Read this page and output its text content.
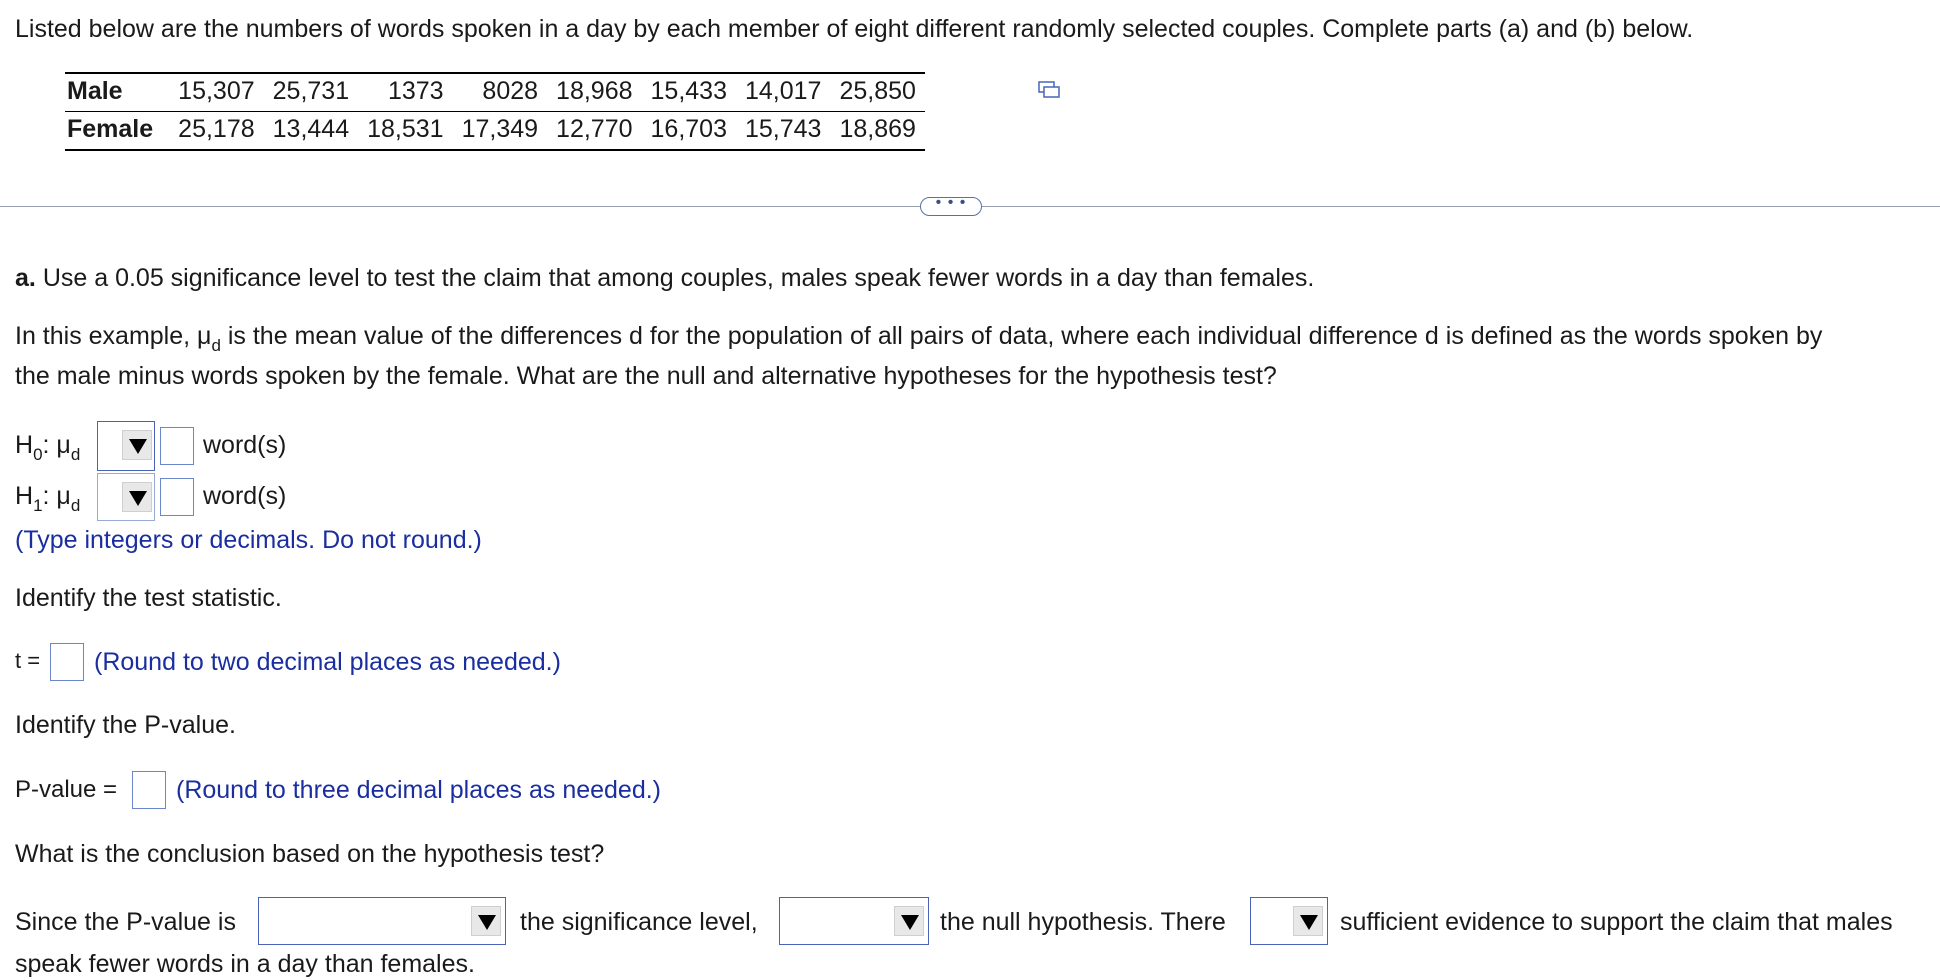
Listed below are the numbers of words spoken in a day by each member of eight different randomly selected couples. Complete parts (a) and (b) below.
Male	15,307	25,731	1373	8028	18,968	15,433	14,017	25,850
Female	25,178	13,444	18,531	17,349	12,770	16,703	15,743	18,869
• • •
a. Use a 0.05 significance level to test the claim that among couples, males speak fewer words in a day than females.
In this example, $\mu_d$ is the mean value of the differences d for the population of all pairs of data, where each individual difference d is defined as the words spoken by
the male minus words spoken by the female. What are the null and alternative hypotheses for the hypothesis test?
$H_0$: $\mu_d$	word(s)
$H_1$: $\mu_d$	word(s)
(Type integers or decimals. Do not round.)
Identify the test statistic.
t = (Round to two decimal places as needed.)
Identify the P-value.
P-value = (Round to three decimal places as needed.)
What is the conclusion based on the hypothesis test?
Since the P-value is	the significance level,	the null hypothesis. There	sufficient evidence to support the claim that males
speak fewer words in a day than females.
